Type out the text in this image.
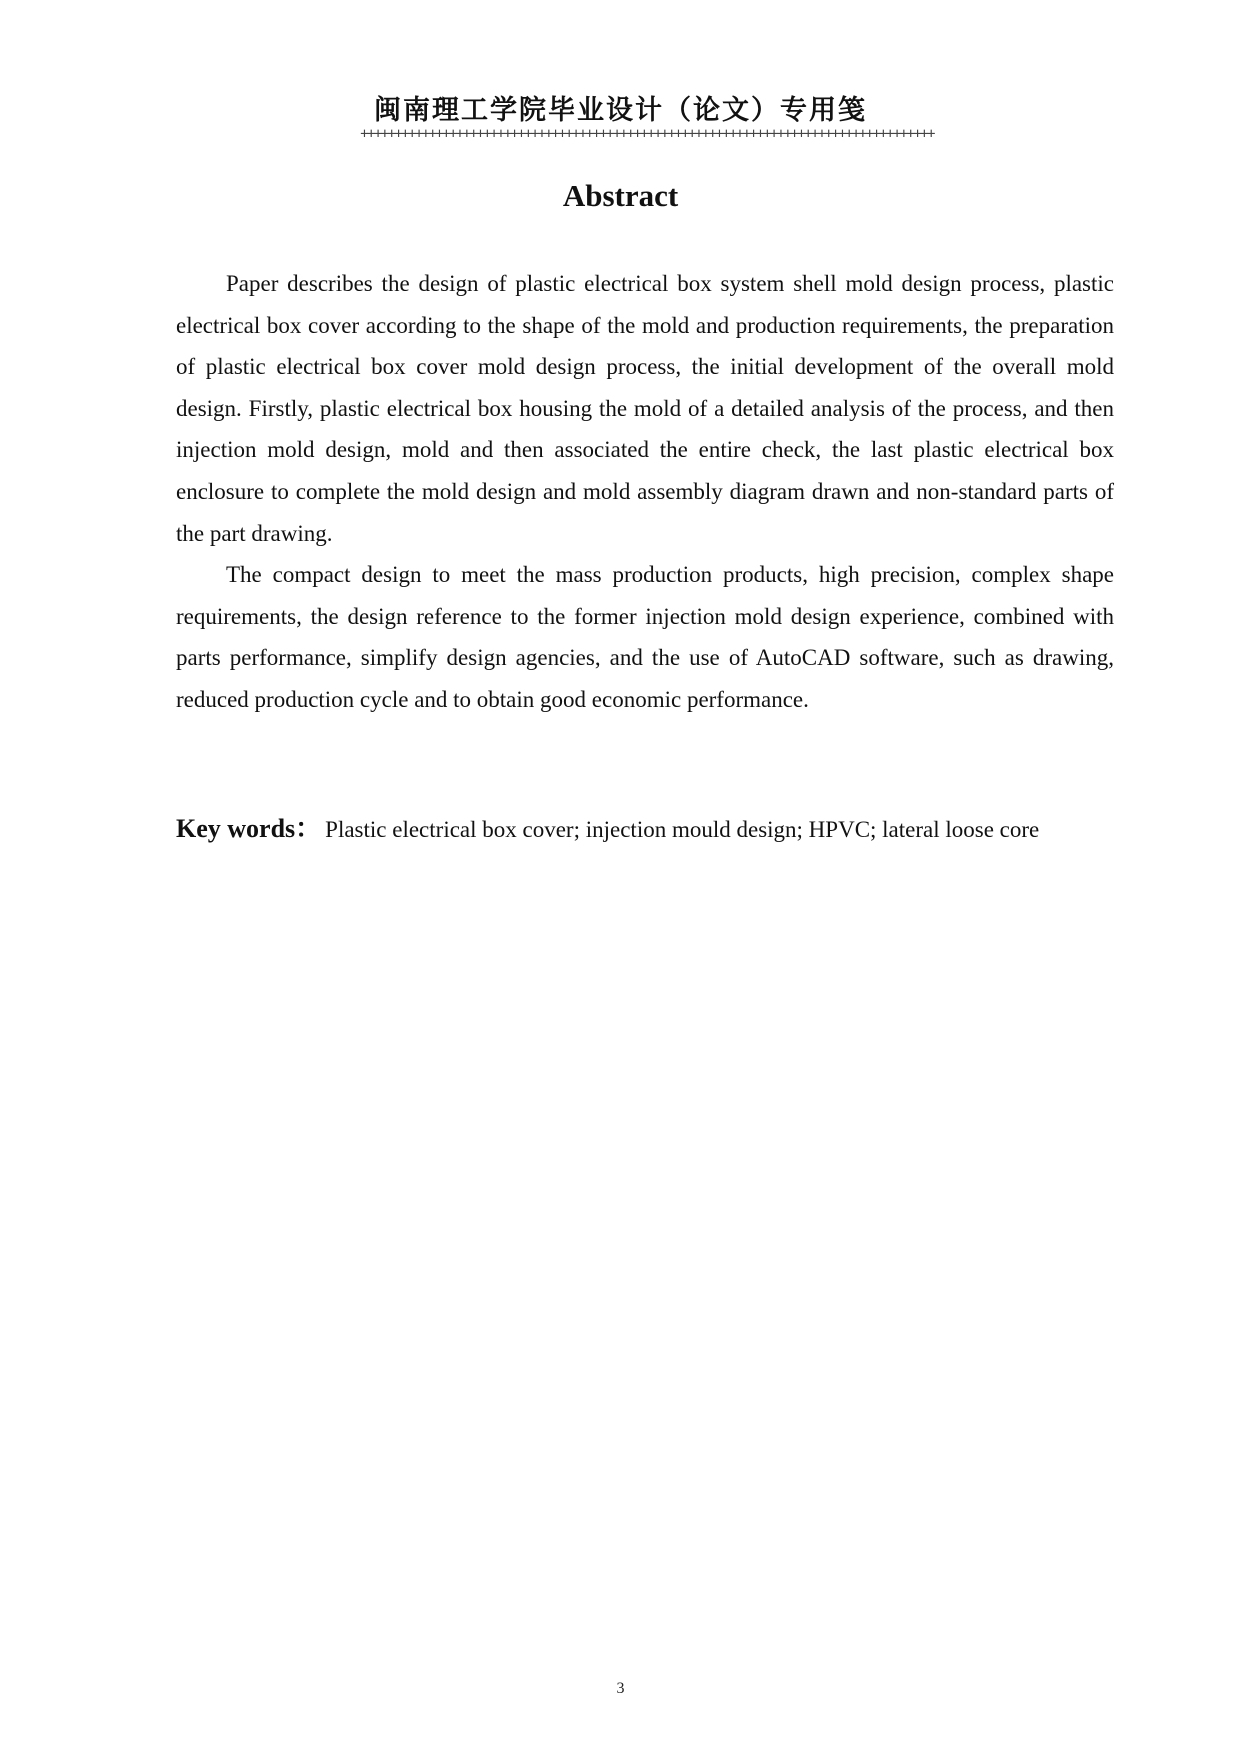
闽南理工学院毕业设计（论文）专用笺
++++++++++++++++++++++++++++++++++++++++++++++++++++++++++++++++++++++++++++++++++++
Abstract

Paper describes the design of plastic electrical box system shell mold design process, plastic electrical box cover according to the shape of the mold and production requirements, the preparation of plastic electrical box cover mold design process, the initial development of the overall mold design. Firstly, plastic electrical box housing the mold of a detailed analysis of the process, and then injection mold design, mold and then associated the entire check, the last plastic electrical box enclosure to complete the mold design and mold assembly diagram drawn and non-standard parts of the part drawing.

The compact design to meet the mass production products, high precision, complex shape requirements, the design reference to the former injection mold design experience, combined with parts performance, simplify design agencies, and the use of AutoCAD software, such as drawing, reduced production cycle and to obtain good economic performance.

Key words： Plastic electrical box cover; injection mould design; HPVC; lateral loose core
3
